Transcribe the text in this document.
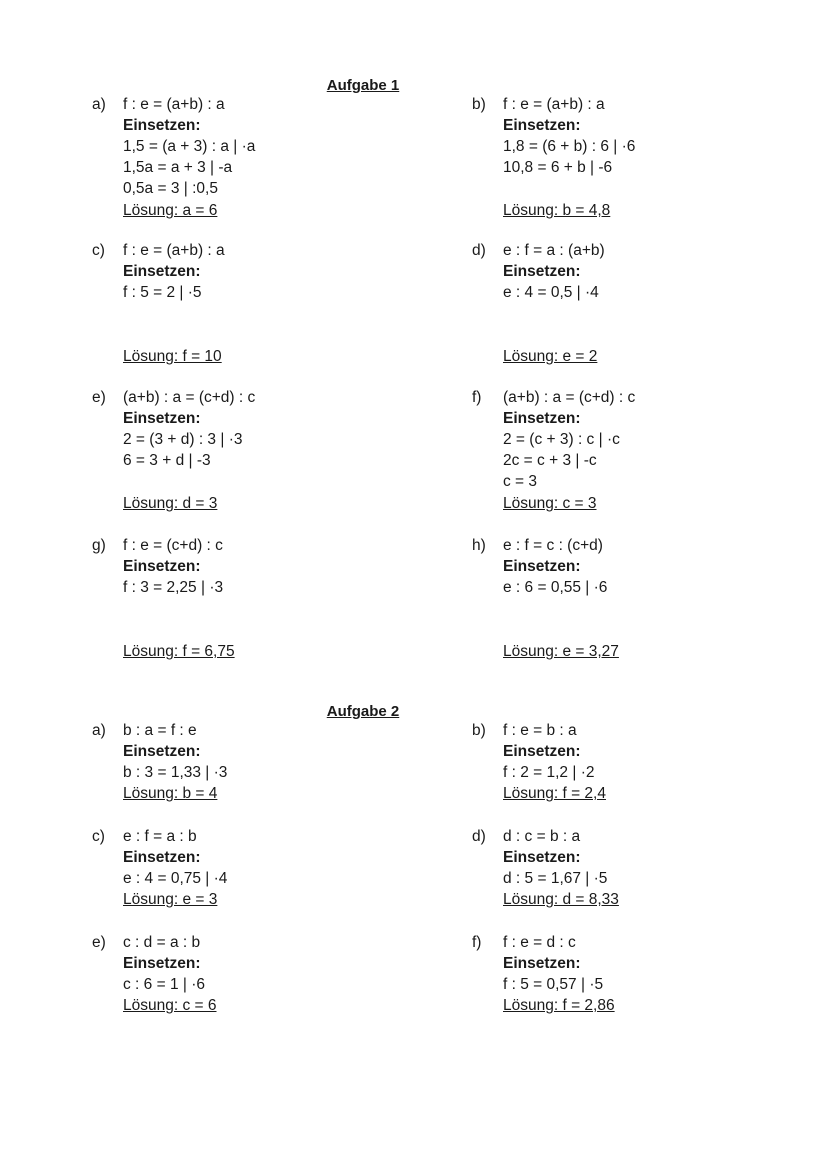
Aufgabe 1
a) f : e = (a+b) : a
Einsetzen:
1,5 = (a + 3) : a | ·a
1,5a = a + 3 | -a
0,5a = 3 | :0,5
Lösung: a = 6
b) f : e = (a+b) : a
Einsetzen:
1,8 = (6 + b) : 6 | ·6
10,8 = 6 + b | -6
Lösung: b = 4,8
c) f : e = (a+b) : a
Einsetzen:
f : 5 = 2 | ·5
Lösung: f = 10
d) e : f = a : (a+b)
Einsetzen:
e : 4 = 0,5 | ·4
Lösung: e = 2
e) (a+b) : a = (c+d) : c
Einsetzen:
2 = (3 + d) : 3 | ·3
6 = 3 + d | -3
Lösung: d = 3
f) (a+b) : a = (c+d) : c
Einsetzen:
2 = (c + 3) : c | ·c
2c = c + 3 | -c
c = 3
Lösung: c = 3
g) f : e = (c+d) : c
Einsetzen:
f : 3 = 2,25 | ·3
Lösung: f = 6,75
h) e : f = c : (c+d)
Einsetzen:
e : 6 = 0,55 | ·6
Lösung: e = 3,27
Aufgabe 2
a) b : a = f : e
Einsetzen:
b : 3 = 1,33 | ·3
Lösung: b = 4
b) f : e = b : a
Einsetzen:
f : 2 = 1,2 | ·2
Lösung: f = 2,4
c) e : f = a : b
Einsetzen:
e : 4 = 0,75 | ·4
Lösung: e = 3
d) d : c = b : a
Einsetzen:
d : 5 = 1,67 | ·5
Lösung: d = 8,33
e) c : d = a : b
Einsetzen:
c : 6 = 1 | ·6
Lösung: c = 6
f) f : e = d : c
Einsetzen:
f : 5 = 0,57 | ·5
Lösung: f = 2,86
